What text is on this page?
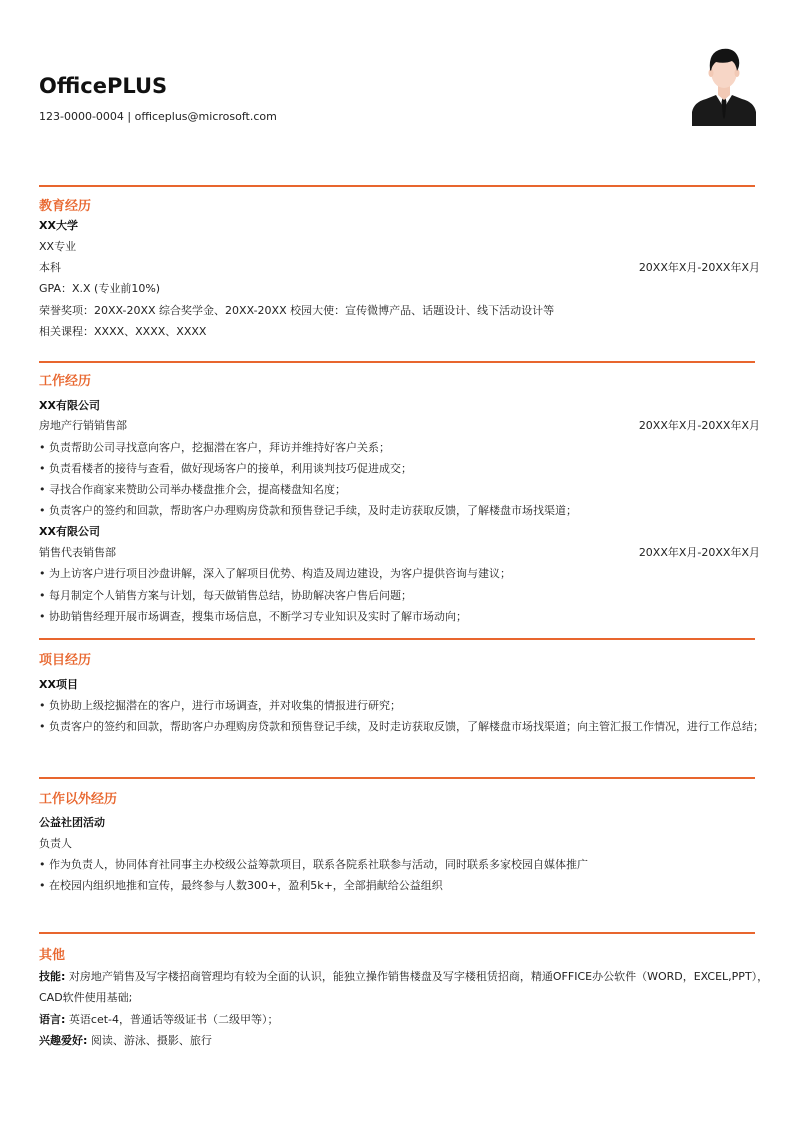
OfficePLUS
123-0000-0004 | officeplus@microsoft.com
教育经历
XX大学
XX专业
本科	20XX年X月-20XX年X月
GPA：X.X (专业前10%)
荣誉奖项：20XX-20XX 综合奖学金、20XX-20XX 校园大使：宣传微博产品、话题设计、线下活动设计等
相关课程：XXXX、XXXX、XXXX
工作经历
XX有限公司
房地产行销销售部	20XX年X月-20XX年X月
• 负责帮助公司寻找意向客户，挖掘潜在客户，拜访并维持好客户关系；
• 负责看楼者的接待与查看，做好现场客户的接单，利用谈判技巧促进成交；
• 寻找合作商家来赞助公司举办楼盘推介会，提高楼盘知名度；
• 负责客户的签约和回款，帮助客户办理购房贷款和预售登记手续，及时走访获取反馈，了解楼盘市场找渠道；
XX有限公司
销售代表销售部	20XX年X月-20XX年X月
• 为上访客户进行项目沙盘讲解，深入了解项目优势、构造及周边建设，为客户提供咨询与建议；
• 每月制定个人销售方案与计划，每天做销售总结，协助解决客户售后问题；
• 协助销售经理开展市场调查，搜集市场信息，不断学习专业知识及实时了解市场动向；
项目经历
XX项目
• 负协助上级挖掘潜在的客户，进行市场调查，并对收集的情报进行研究；
• 负责客户的签约和回款，帮助客户办理购房贷款和预售登记手续，及时走访获取反馈，了解楼盘市场找渠道；向主管汇报工作情况，进行工作总结；
工作以外经历
公益社团活动
负责人
• 作为负责人，协同体育社同事主办校级公益筹款项目，联系各院系社联参与活动，同时联系多家校园自媒体推广
• 在校园内组织地推和宣传，最终参与人数300+，盈利5k+，全部捐献给公益组织
其他
技能: 对房地产销售及写字楼招商管理均有较为全面的认识，能独立操作销售楼盘及写字楼租赁招商，精通OFFICE办公软件（WORD，EXCEL,PPT），
CAD软件使用基础;
语言: 英语cet-4，普通话等级证书（二级甲等）；
兴趣爱好: 阅读、游泳、摄影、旅行
